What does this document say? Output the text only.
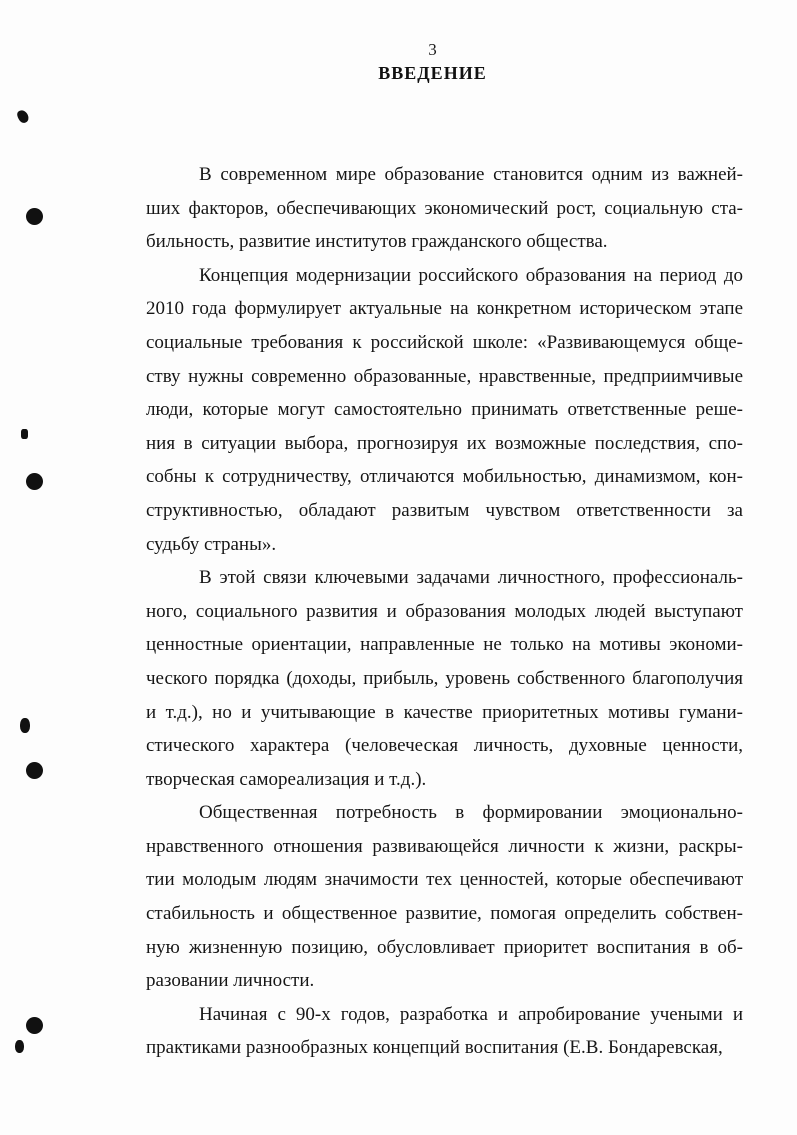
3
ВВЕДЕНИЕ
В современном мире образование становится одним из важней-
ших факторов, обеспечивающих экономический рост, социальную ста-
бильность, развитие институтов гражданского общества.
Концепция модернизации российского образования на период до
2010 года формулирует актуальные на конкретном историческом этапе
социальные требования к российской школе: «Развивающемуся обще-
ству нужны современно образованные, нравственные, предприимчивые
люди, которые могут самостоятельно принимать ответственные реше-
ния в ситуации выбора, прогнозируя их возможные последствия, спо-
собны к сотрудничеству, отличаются мобильностью, динамизмом, кон-
структивностью, обладают развитым чувством ответственности за
судьбу страны».
В этой связи ключевыми задачами личностного, профессиональ-
ного, социального развития и образования молодых людей выступают
ценностные ориентации, направленные не только на мотивы экономи-
ческого порядка (доходы, прибыль, уровень собственного благополучия
и т.д.), но и учитывающие в качестве приоритетных мотивы гумани-
стического характера (человеческая личность, духовные ценности,
творческая самореализация и т.д.).
Общественная потребность в формировании эмоционально-
нравственного отношения развивающейся личности к жизни, раскры-
тии молодым людям значимости тех ценностей, которые обеспечивают
стабильность и общественное развитие, помогая определить собствен-
ную жизненную позицию, обусловливает приоритет воспитания в об-
разовании личности.
Начиная с 90-х годов, разработка и апробирование учеными и
практиками разнообразных концепций воспитания (Е.В. Бондаревская,
